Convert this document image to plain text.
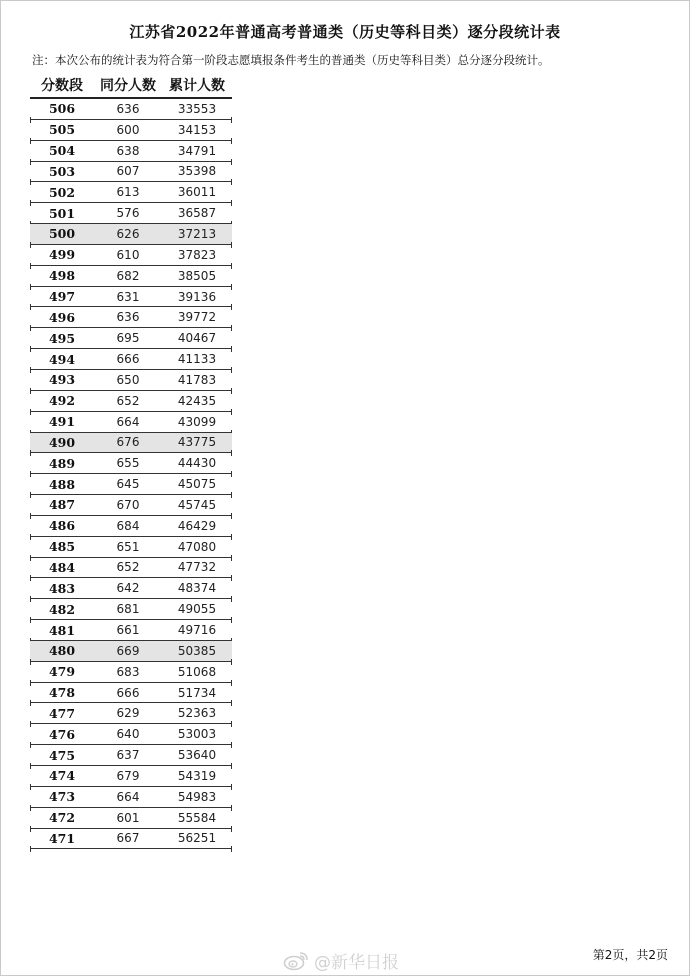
江苏省2022年普通高考普通类（历史等科目类）逐分段统计表
注：本次公布的统计表为符合第一阶段志愿填报条件考生的普通类（历史等科目类）总分逐分段统计。
分数段	同分人数 累计人数
506	636	33553
505	600	34153
504	638	34791
503	607	35398
502	613	36011
501	576	36587
500	626	37213
499	610	37823
498	682	38505
497	631	39136
496	636	39772
495	695	40467
494	666	41133
493	650	41783
492	652	42435
491	664	43099
490	676	43775
489	655	44430
488	645	45075
487	670	45745
486	684	46429
485	651	47080
484	652	47732
483	642	48374
482	681	49055
481	661	49716
480	669	50385
479	683	51068
478	666	51734
477	629	52363
476	640	53003
475	637	53640
474	679	54319
473	664	54983
472	601	55584
471	667	56251
@新华日报	第2页，共2页
